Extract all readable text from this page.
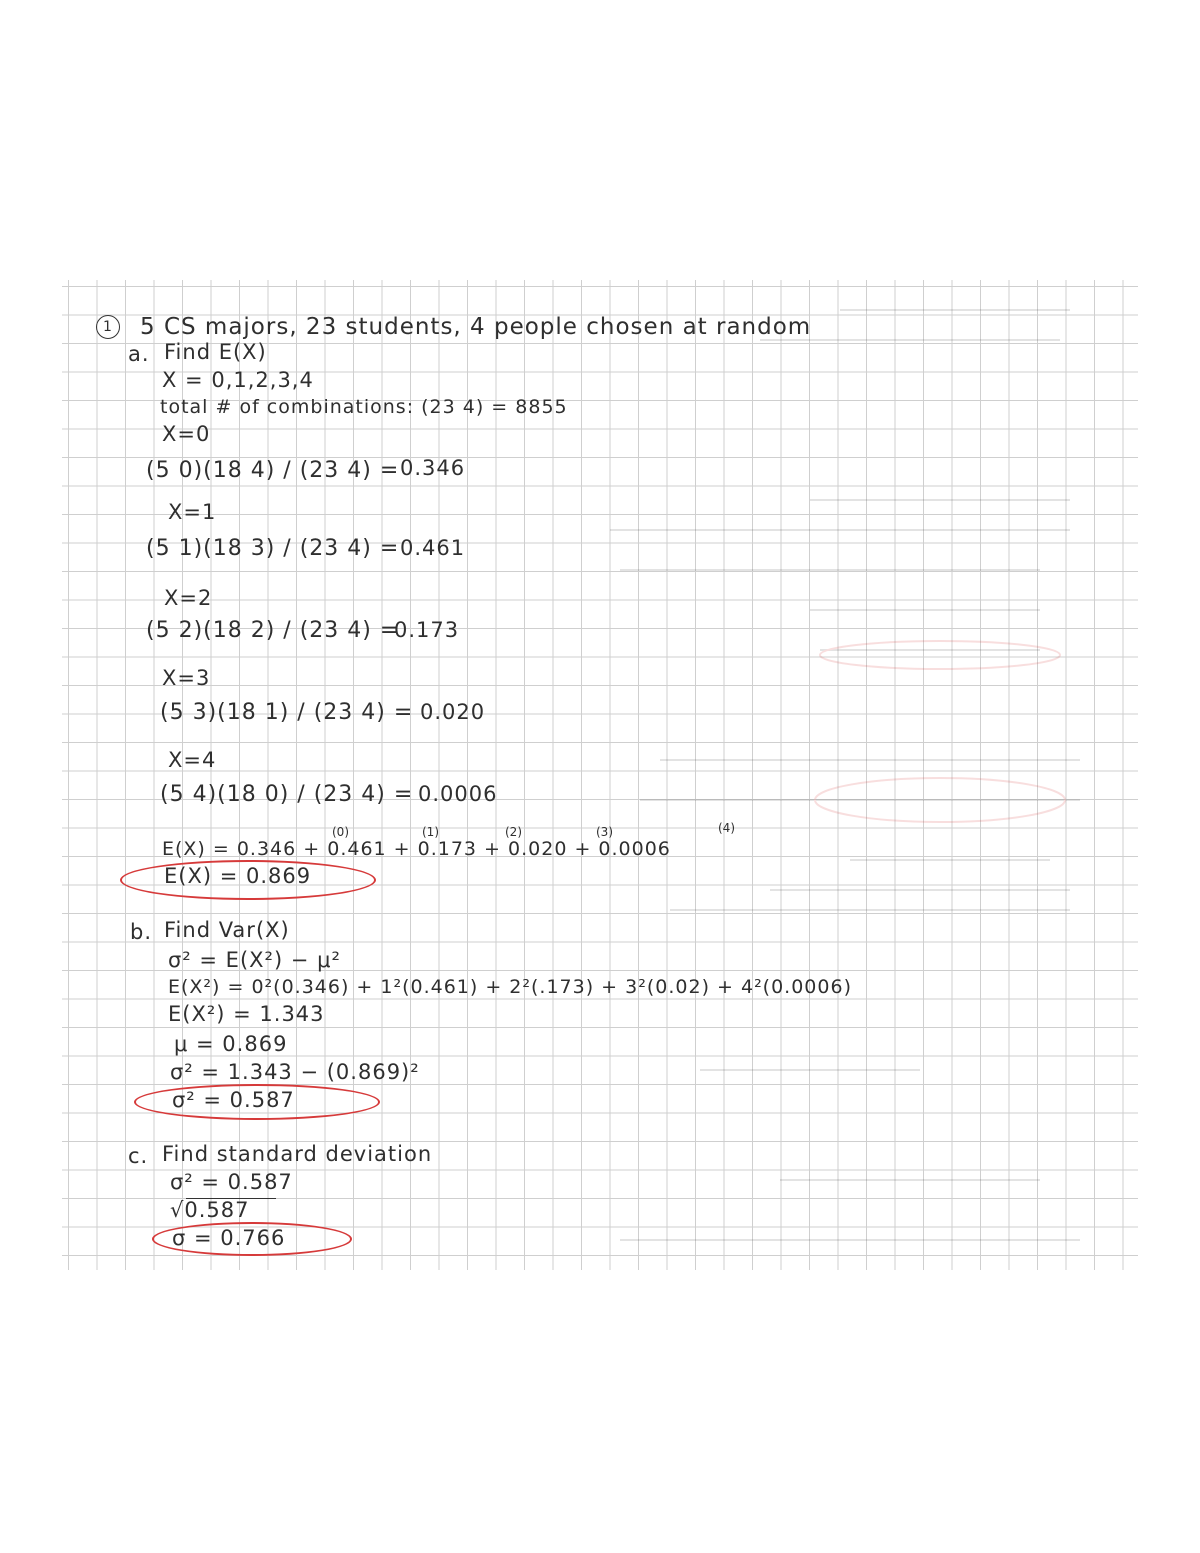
1	5 CS majors, 23 students, 4 people chosen at random
a. Find E(X)
X = 0,1,2,3,4
total # of combinations: (23 4) = 8855
X=0
(5 0)(18 4) / (23 4) = 0.346
X=1
(5 1)(18 3) / (23 4) = 0.461
X=2
(5 2)(18 2) / (23 4) =
0.173
X=3
(5 3)(18 1) / (23 4) = 0.020
X=4
(5 4)(18 0) / (23 4) = 0.0006
(0)	(1)	(2)	(3)	(4)
E(X) = 0.346 + 0.461 + 0.173 + 0.020 + 0.0006
E(X) = 0.869
b. Find Var(X)
σ² = E(X²) − μ²
E(X²) = 0²(0.346) + 1²(0.461) + 2²(.173) + 3²(0.02) + 4²(0.0006)
E(X²) = 1.343
μ = 0.869
σ² = 1.343 − (0.869)²
σ² = 0.587
c. Find standard deviation
σ² = 0.587
√0.587
σ = 0.766
